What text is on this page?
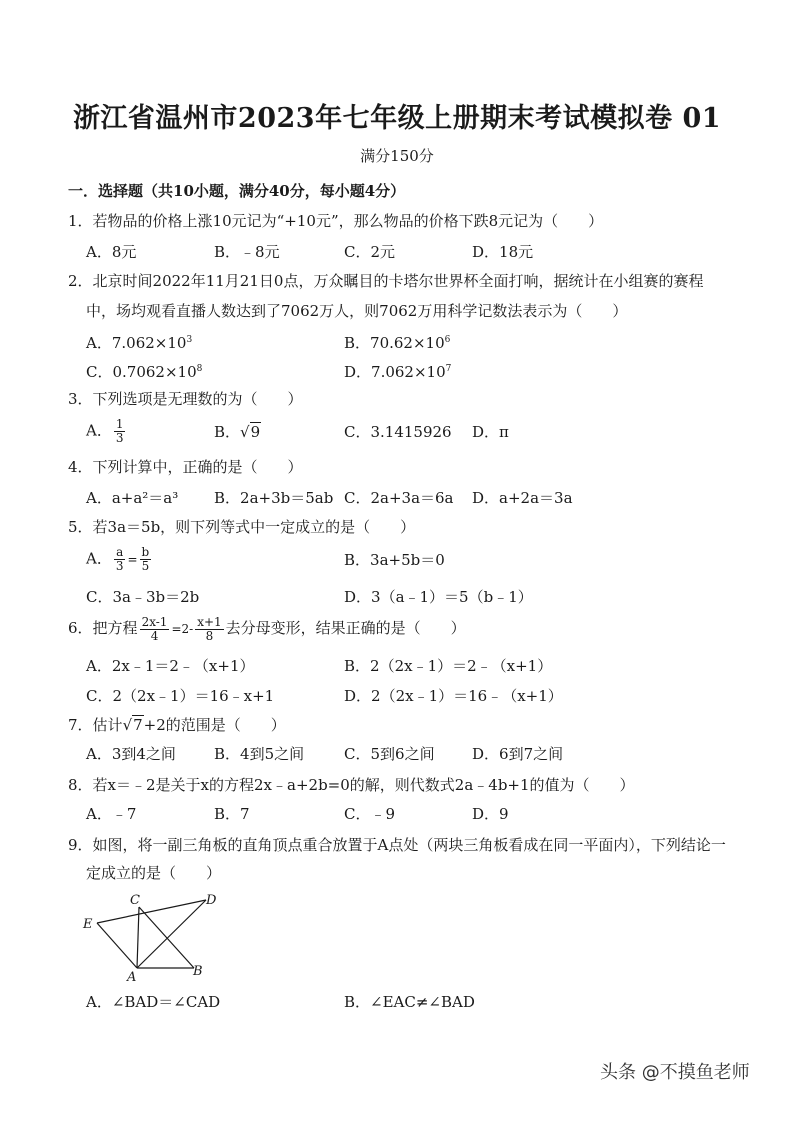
浙江省温州市2023年七年级上册期末考试模拟卷 01
满分150分
一．选择题（共10小题，满分40分，每小题4分）
1．若物品的价格上涨10元记为“+10元”，那么物品的价格下跌8元记为（　　）
A．8元	B．﹣8元	C．2元	D．18元
2．北京时间2022年11月21日0点，万众瞩目的卡塔尔世界杯全面打响，据统计在小组赛的赛程
中，场均观看直播人数达到了7062万人，则7062万用科学记数法表示为（　　）
A．$7.062\times 10^3$	B．$70.62\times 10^6$
C．$0.7062\times 10^8$	D．$7.062\times 10^7$
3．下列选项是无理数的为（　　）
A． $\frac{1}{3}$	B．√9	C．3.1415926 D．π
4．下列计算中，正确的是（　　）
A．a+a²＝a³ B．2a+3b＝5ab C．2a+3a＝6a D．a+2a＝3a
5．若3a＝5b，则下列等式中一定成立的是（　　）
A． $\frac{a}{3} = \frac{b}{5}$	B．3a+5b＝0
C．3a﹣3b＝2b	D．3（a﹣1）＝5（b﹣1）
6．把方程 $\frac{2x-1}{4} =2- \frac{x+1}{8}$ 去分母变形，结果正确的是（　　）
A．2x﹣1＝2﹣（x+1）	B．2（2x﹣1）＝2﹣（x+1）
C．2（2x﹣1）＝16﹣x+1	D．2（2x﹣1）＝16﹣（x+1）
7．估计√7+2的范围是（　　）
A．3到4之间	B．4到5之间	C．5到6之间 D．6到7之间
8．若x＝﹣2是关于x的方程2x﹣a+2b=0的解，则代数式2a﹣4b+1的值为（　　）
A．﹣7	B．7	C．﹣9	D．9
9．如图，将一副三角板的直角顶点重合放置于A点处（两块三角板看成在同一平面内），下列结论一
定成立的是（　　）
C	D
E
A	B
A．∠BAD＝∠CAD	B．∠EAC≠∠BAD
头条 @不摸鱼老师
